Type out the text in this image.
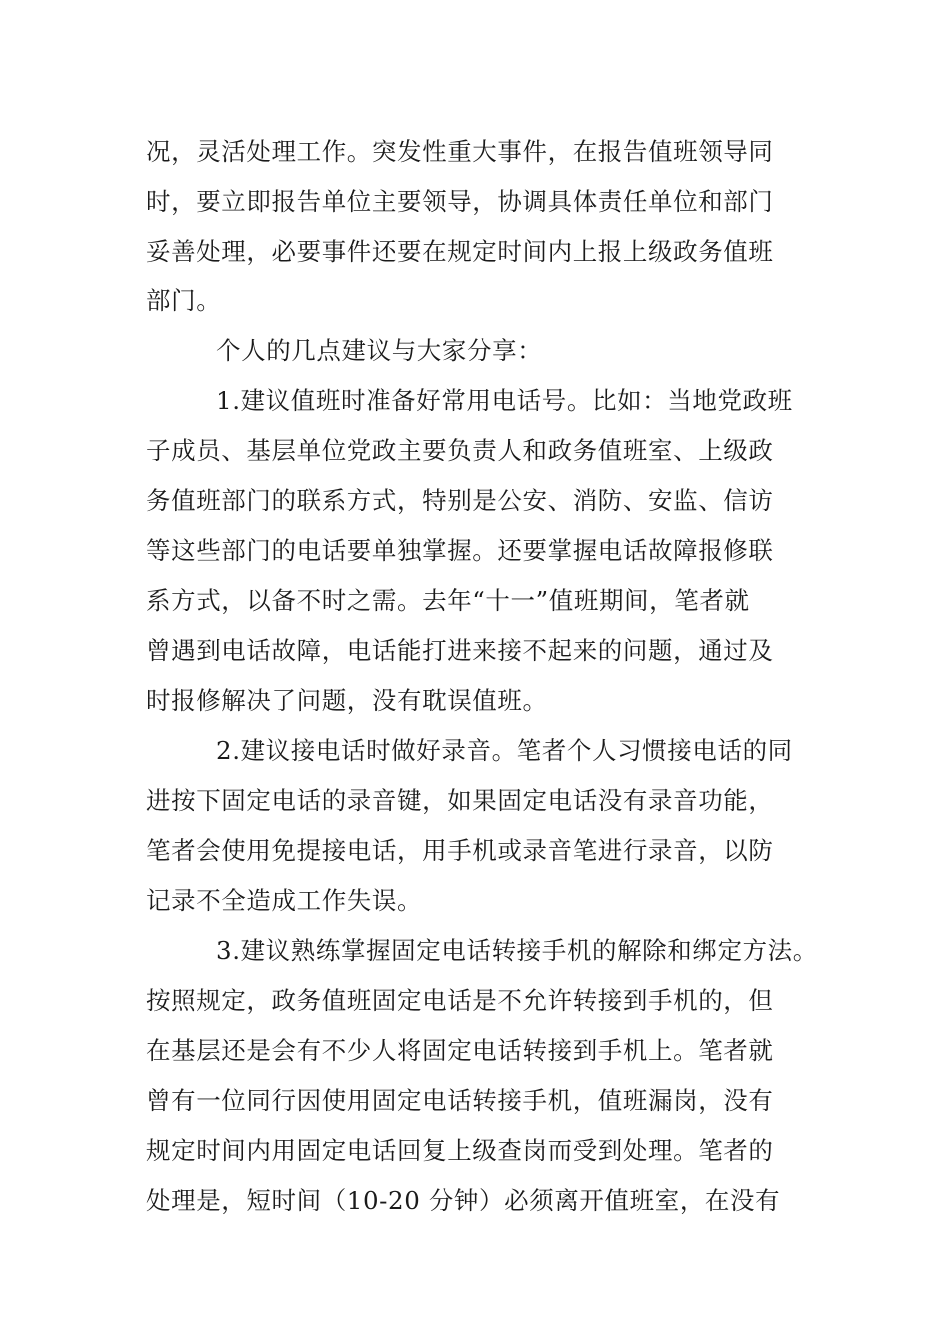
况，灵活处理工作。突发性重大事件，在报告值班领导同
时，要立即报告单位主要领导，协调具体责任单位和部门
妥善处理，必要事件还要在规定时间内上报上级政务值班
部门。
个人的几点建议与大家分享：
1.建议值班时准备好常用电话号。比如：当地党政班
子成员、基层单位党政主要负责人和政务值班室、上级政
务值班部门的联系方式，特别是公安、消防、安监、信访
等这些部门的电话要单独掌握。还要掌握电话故障报修联
系方式，以备不时之需。去年“十一”值班期间，笔者就
曾遇到电话故障，电话能打进来接不起来的问题，通过及
时报修解决了问题，没有耽误值班。
2.建议接电话时做好录音。笔者个人习惯接电话的同
进按下固定电话的录音键，如果固定电话没有录音功能，
笔者会使用免提接电话，用手机或录音笔进行录音，以防
记录不全造成工作失误。
3.建议熟练掌握固定电话转接手机的解除和绑定方法。
按照规定，政务值班固定电话是不允许转接到手机的，但
在基层还是会有不少人将固定电话转接到手机上。笔者就
曾有一位同行因使用固定电话转接手机，值班漏岗，没有
规定时间内用固定电话回复上级查岗而受到处理。笔者的
处理是，短时间（10-20 分钟）必须离开值班室，在没有
